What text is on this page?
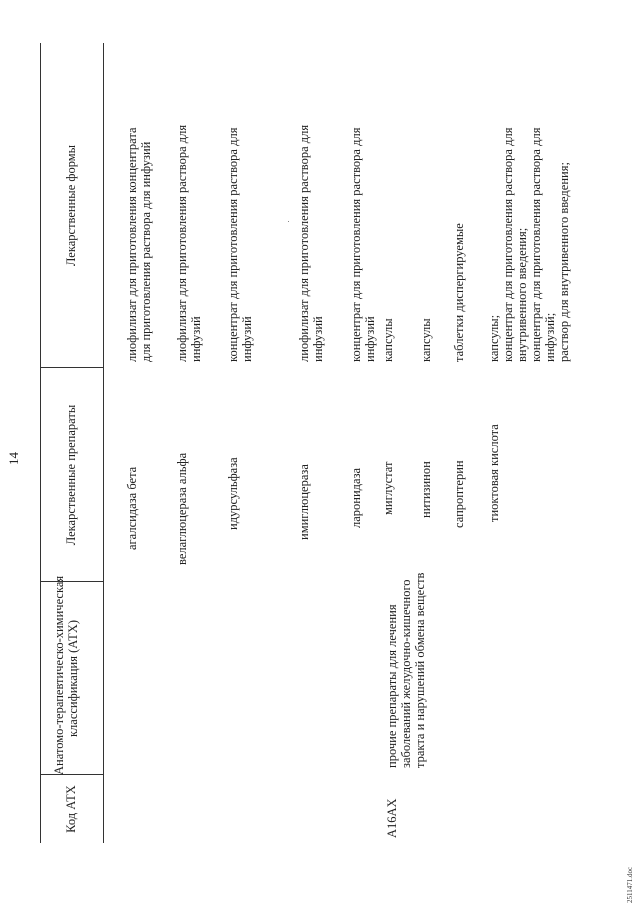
14
Код АТХ
Анатомо-терапевтическо-химическая классификация (АТХ)
Лекарственные препараты
Лекарственные формы
A16AX
прочие препараты для лечения заболеваний желудочно-кишечного тракта и нарушений обмена веществ
агалсидаза бета
лиофилизат для приготовления концентрата для приготовления раствора для инфузий
велаглюцераза альфа
лиофилизат для приготовления раствора для инфузий
идурсульфаза
концентрат для приготовления раствора для инфузий
имиглюцераза
лиофилизат для приготовления раствора для инфузий
ларонидаза
концентрат для приготовления раствора для инфузий
миглустат
капсулы
нитизинон
капсулы
сапроптерин
таблетки диспергируемые
тиоктовая кислота
капсулы; концентрат для приготовления раствора для внутривенного введения; концентрат для приготовления раствора для инфузий; раствор для внутривенного введения;
2511471.doc
